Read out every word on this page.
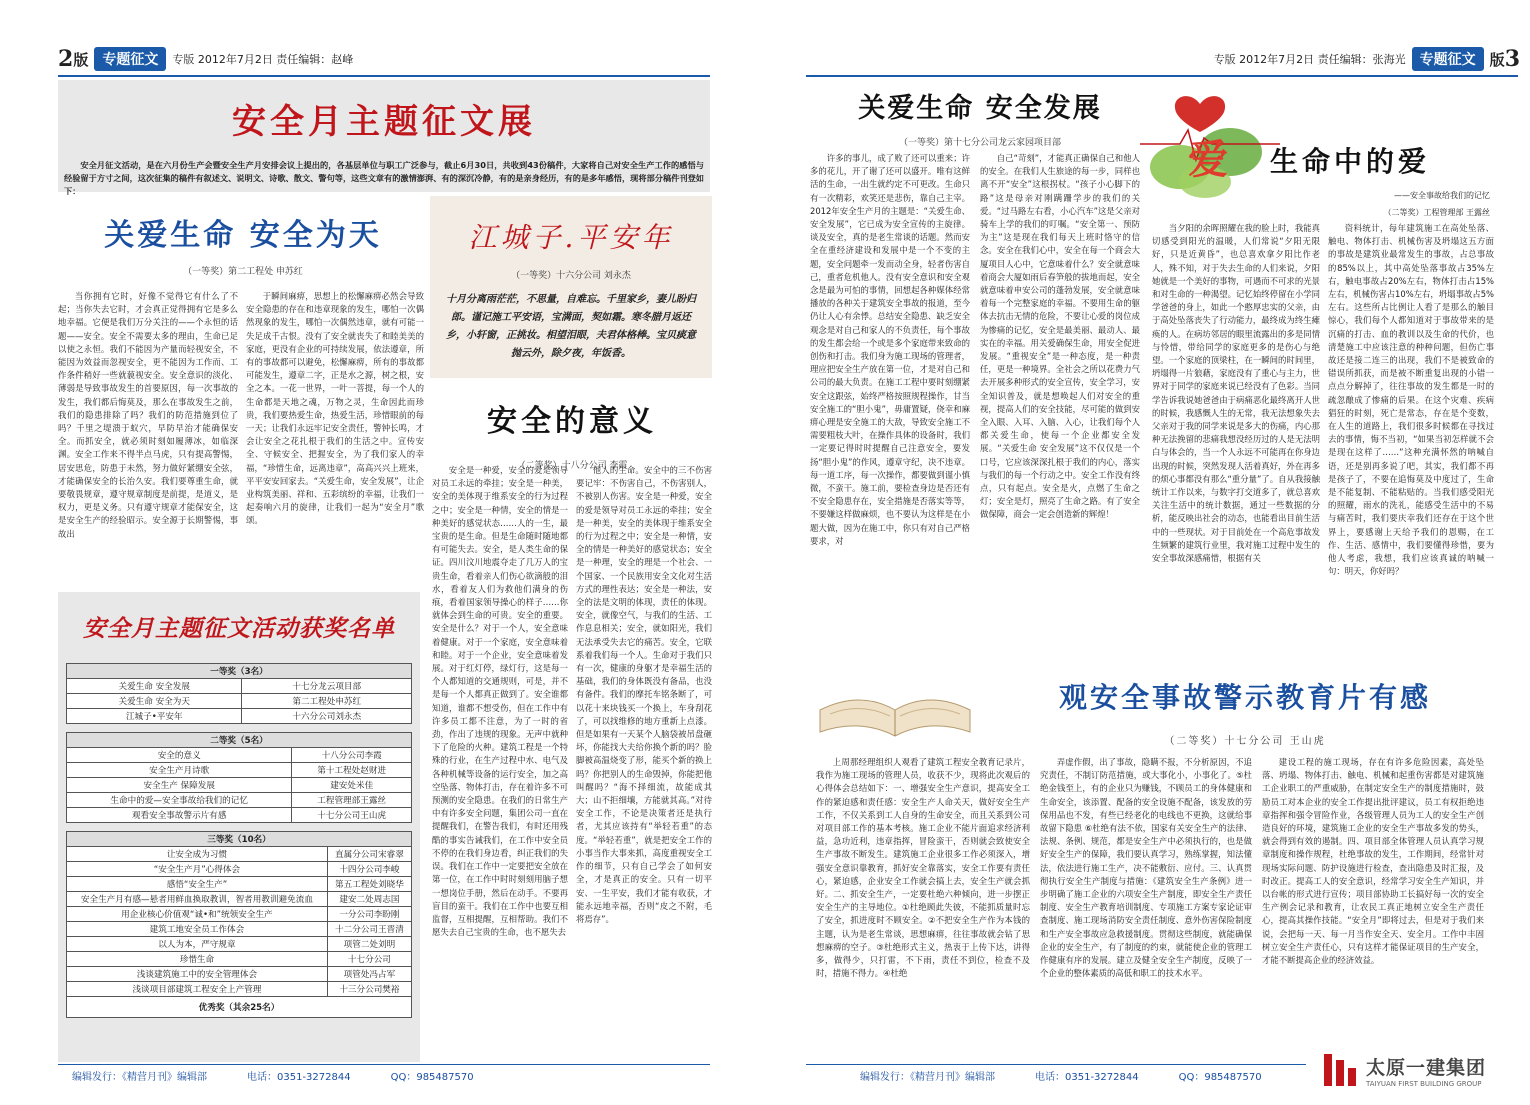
2 版	专题征文	专版 2012年7月2日 责任编辑：赵峰
安全月主题征文展
安全月征文活动，是在六月份生产会暨安全生产月安排会议上提出的，各基层单位与职工广泛参与，截止6月30日，共收到43份稿件，大家将自己对安全生产工作的感悟与经验留于方寸之间，这次征集的稿件有叙述文、说明文、诗歌、散文、警句等，这些文章有的激情澎湃、有的深沉冷静，有的是亲身经历，有的是多年感悟，现将部分稿件刊登如下：
关爱生命 安全为天
（一等奖）第二工程处 申苏红

当你拥有它时，好像不觉得它有什么了不起；当你失去它时，才会真正觉得拥有它是多么地幸福。它便是我们万分关注的——个永恒的话题——安全。安全不需要太多的理由，生命已足以使之永恒。我们不能因为产量而轻视安全，不能因为效益而忽视安全，更不能因为工作而、工作条件稍好一些就藐视安全。安全意识的淡化、薄弱是导致事故发生的首要原因，每一次事故的发生，我们都后悔莫及，那么在事故发生之前，我们的隐患排除了吗？我们的防范措施到位了吗？千里之堤溃于蚁穴，早防早治才能确保安全。而抓安全，就必须时刻如履薄冰，如临深渊。安全工作来不得半点马虎，只有提高警惕，居安思危，防患于未然，努力做好紧绷安全弦，才能确保安全的长治久安。我们要尊重生命，就要敬畏规章，遵守规章制度是前提，是道义，是权力，更是义务。只有遵守规章才能保安全，这是安全生产的经验昭示。安全源于长期警惕，事故出

于瞬间麻痹，思想上的松懈麻痹必然会导致安全隐患的存在和违章现象的发生，哪怕一次偶然现象的发生，哪怕一次偶然违章，就有可能一失足成千古恨。没有了安全就丧失了和睦美美的家庭，更没有企业的可持续发展，依法遵章，所有的事故都可以避免，松懈麻痹，所有的事故都可能发生，遵章二字，正是水之源，树之根，安全之本。一花一世界，一叶一菩提，每一个人的生命都是天地之魂，万物之灵，生命因此而珍贵，我们要热爱生命，热爱生活，珍惜眼前的每一天；让我们永远牢记安全责任，警钟长鸣，才会让安全之花扎根于我们的生活之中。宣传安全、守候安全、把握安全，为了我们家人的幸福，“珍惜生命，远离违章”，高高兴兴上班来，平平安安回家去。“关爱生命，安全发展”，让企业构筑美丽、祥和、五彩缤纷的幸福，让我们一起奏响六月的旋律，让我们一起为“安全月”歌颂。

江城子.平安年
（一等奖）十六分公司 刘永杰
十月分离雨茫茫，不思量，自难忘。千里家乡，妻儿盼归郎。谨记施工平安语，宝满面，契如霜。寒冬腊月返还乡，小轩窗，正挑妆。相望泪眼，夫君体格棒。宝贝痰意抛云外，除夕夜，年饭香。
安全的意义
（二等奖）十八分公司 李霞

安全是一种爱，安全的爱是领导对员工永远的牵挂；安全是一种美，安全的美体现于维系安全的行为过程之中；安全是一种情，安全的情是一种美好的感觉状态……人的一生，最宝贵的是生命。但是生命随时随地都有可能失去。安全，是人类生命的保证。四川汶川地震夺走了几万人的宝贵生命，看着亲人们伤心欲滴般的泪水，看着友人们为救他们满身的伤痕，看着国家领导操心的样子……你就体会到生命的可贵。安全的重要。安全是什么？对于一个人，安全意味着健康。对于一个家庭，安全意味着和睦。对于一个企业，安全意味着发展。对于红灯停，绿灯行，这是每一个人都知道的交通规则，可是，并不是每一个人都真正做到了。安全谁都知道，谁都不想受伤，但在工作中有许多员工都不注意，为了一时的省劲，作出了违规的现象。无声中就种下了危险的火种。建筑工程是一个特殊的行业，在生产过程中水、电气及各种机械等设备的运行安全，加之高空坠落、物体打击，存在着许多不可预测的安全隐患。在我们的日常生产中有许多安全问题，集团公司一直在提醒我们，在警告我们，有时还用残酷的事实告诫我们，在工作中安全员不停的在我们身边看，纠正我们的失误。我们在工作中一定要把安全放在第一位，在工作中时时刻刻用脑子想一想岗位手册，然后在动手。不要再盲目的蛮干。我们在工作中也要互相监督，互相提醒，互相帮助。我们不愿失去自己宝贵的生命，也不愿失去

他人的生命。安全中的三不伤害要记牢：不伤害自己，不伤害别人，不被别人伤害。安全是一种爱，安全的爱是领导对员工永远的牵挂；安全是一种美，安全的美体现于维系安全的行为过程之中；安全是一种情，安全的情是一种美好的感觉状态；安全是一种理，安全的理是一个社会、一个国家、一个民族用安全文化对生活方式的理性表达；安全是一种法，安全的法是文明的体现，责任的体现。安全，就像空气，与我们的生活、工作息息相关；安全，就如阳光，我们无法承受失去它的痛苦。安全，它联系着我们每一个人。生命对于我们只有一次，健康的身躯才是幸福生活的基础，我们的身体既没有备品，也没有备件。我们的摩托车铭条断了，可以花十来块钱买一个换上，车身刮花了，可以找维修的地方重新上点漆。但是如果有一天某个人脑袋被吊盘砸坏，你能找大夫给你换个新的吗？脸脚被高温烧变了形，能买个新的换上吗？你把别人的生命毁掉，你能把他叫醒吗？“海不择细流，故能成其大；山不拒细壤，方能就其高。”对待安全工作，不论是决策者还是执行者，尤其应该持有“举轻若重”的态度。“举轻若重”，就是把安全工作的小事当作大事来抓，高度重视安全工作的细节，只有自己学会了如何安全，才是真正的安全。只有一切平安、一生平安，我们才能有收获，才能永远地幸福，否则“皮之不附，毛将焉存”。

安全月主题征文活动获奖名单
一等奖（3名）	
关爱生命 安全发展	十七分龙云项目部
关爱生命 安全为天	第二工程处申苏红
江城子•平安年	十六分公司刘永杰
二等奖（5名）	
安全的意义	十八分公司李霞
安全生产月诗歌	第十工程处赵财进
安全生产 保障发展	建安处米佳
生命中的爱—安全事故给我们的记忆	工程管理部王露丝
观看安全事故警示片有感	十七分公司王山虎
三等奖（10名）	
让安全成为习惯	直属分公司宋睿翠
“安全生产月”心得体会	十四分公司李峻
感悟“安全生产”	第五工程处刘晓华
安全生产月有感—悬者用鲜血换取教训，智者用教训避免流血	建安二处周志国
用企业核心价值观“诚•和”统领安全生产	一分公司李盼刚
建筑工地安全员工作体会	十二分公司王晋清
以人为本，严守规章	项管二处刘明
珍惜生命	十七分公司
浅谈建筑施工中的安全管理体会	项管处冯占军
浅谈项目部建筑工程安全上产管理	十三分公司樊裕
优秀奖（其余25名）	
编辑发行：《精营月刊》编辑部	电话：0351-3272844	QQ：985487570
专版 2012年7月2日 责任编辑：张海光	专题征文 版 3
关爱生命 安全发展
（一等奖）第十七分公司龙云家园项目部

许多的事儿，成了败了还可以重来；许多的花儿，开了谢了还可以盛开。唯有这鲜活的生命，一出生就约定不可更改。生命只有一次精彩，欢笑还是悲伤，靠自己主宰。2012年安全生产月的主题是：“关爱生命、安全发展”，它已成为安全宣传的主旋律。谈及安全，真的是老生常谈的话题。然而安全在重经济建设和发展中是一个不变的主题，安全问题牵一发而动全身，轻者伤害自己，重者危机他人。没有安全意识和安全观念是最为可怕的事情，回想起各种媒体经常播放的各种关于建筑安全事故的报道，至今仍让人心有余悸。总结安全隐患、缺乏安全观念是对自己和家人的不负责任，每个事故的发生都会给一个或是多个家庭带来致命的创伤和打击。我们身为施工现场的管理者，理应把安全生产放在第一位，才是对自己和公司的最大负责。在施工工程中要时刻绷紧安全这跟弦，始终严格按照规程操作，甘当安全施工的“胆小鬼”，毋庸置疑，侥幸和麻痹心理是安全施工的大敌，导致安全施工不需要粗枝大叶，在操作具体的设备时，我们一定要记得时时提醒自己注意安全，要发扬“胆小鬼”的作风，遵章守纪，决不违章。每一道工序，每一次操作，都要做到谨小慎微，不蛮干。施工前，要检查身边是否还有不安全隐患存在，安全措施是否落实等等，不要嫌这样做麻烦，也不要认为这样是在小题大做，因为在施工中，你只有对自己严格要求，对

自己“苛刻”，才能真正确保自己和他人的安全。在我们人生旅途的每一步，同样也离不开“安全”这根拐杖。“孩子小心脚下的路”这是母亲对刚蹒跚学步的我们的关爱。“过马路左右看，小心汽车”这是父亲对骑车上学的我们的叮嘱。“安全第一、预防为主”这是现在我们每天上班时恪守的信念。安全在我们心中，安全在每一个商会大厦项目人心中，它意味着什么？安全就意味着商会大厦如雨后春笋般的拔地而起，安全就意味着申安公司的蓬勃发展，安全就意味着每一个完整家庭的幸福。不要用生命的躯体去抗击无情的危险，不要让心爱的岗位成为惨痛的记忆，安全是最美丽、最动人、最实在的幸福。用关爱确保生命，用安全促进发展。“重视安全”是一种态度，是一种责任，更是一种境界。全社会之所以花费力气去开展多种形式的安全宣传，安全学习，安全知识普及，就是想唤起人们对安全的重视，提高人们的安全技能，尽可能的做到安全入眼、入耳、入脑、入心，让我们每个人都关爱生命，使每一个企业都安全发展。“关爱生命 安全发展”这不仅仅是一个口号，它应该深深扎根于我们的内心，落实与我们的每一个行动之中。安全工作没有终点，只有起点。安全是火，点燃了生命之灯；安全是灯，照亮了生命之路。有了安全做保障，商会一定会创造新的辉煌！

爱 生命中的爱
——安全事故给我们的记忆
（二等奖）工程管理部 王露丝

当夕阳的余晖照耀在我的脸上时，我能真切感受到阳光的温暖，人们常说“夕阳无限好，只是近黄昏”，也总喜欢拿夕阳比作老人，殊不知，对于失去生命的人们来说，夕阳她就是一个美好的事物，可遇而不可求的光景和对生命的一种渴望。记忆始终停留在小学同学爸爸的身上，如此一个憨厚忠实的父亲，由于高处坠落丧失了行动能力，最终成为终生瘫痪的人。在病坊邻居的眼里流露出的多是同情与怜惜，带给同学的家庭更多的是伤心与绝望。一个家庭的顶梁柱，在一瞬间的时间里，坍塌得一片狼藉，家庭没有了重心与主力，世界对于同学的家庭来说已经没有了色彩。当同学告诉我说她爸爸由于病痛恶化最终离开人世的时候，我感慨人生的无常，我无法想象失去父亲对于我的同学来说是多大的伤痛，内心那种无法挽留的悲痛我想没经历过的人是无法明白与体会的，当一个人永远不可能再在你身边出现的时候，突然发现人活着真好，外在再多的烦心事都没有那么“重分量”了。自从我接触统计工作以来，与数字打交道多了，就总喜欢关注生活中的统计数据，通过一些数据的分析，能反映出社会的动态，也能看出目前生活中的一些现状。对于目前处在一个高危事故发生频繁的建筑行业里，我对施工过程中发生的安全事故深感痛惜，根据有关

资料统计，每年建筑施工在高处坠落、触电、物体打击、机械伤害及坍塌这五方面的事故是建筑业最常发生的事故，占总事故的85%以上，其中高处坠落事故占35%左右，触电事故占20%左右，物体打击占15%左右，机械伤害占10%左右，坍塌事故占5%左右。这些所占比例让人看了是那么的触目惊心，我们每个人都知道对于事故带来的是沉痛的打击、血的教训以及生命的代价，也清楚施工中应该注意的种种问题，但伤亡事故还是接二连三的出现，我们不是被致命的错误所抓获，而是被不断重复出现的小错一点点分解掉了，往往事故的发生都是一时的疏忽酿成了惨痛的后果。在这个灾难、疾病猖狂的时刻，死亡是常态，存在是个变数，在人生的道路上，我们很多时候都在寻找过去的事情，悔不当初，“如果当初怎样就不会是现在这样了……”这种充满怀然的呐喊自语，还是别再多说了吧，其实，我们都不再是孩子了，不要在追悔莫及中度过了，生命是不能复制、不能粘贴的。当我们感受阳光的照耀，雨水的洗礼，能感受生活中的不易与痛苦时，我们要庆幸我们还存在于这个世界上，要感谢上天给予我们的恩赐，在工作、生活、感情中，我们要懂得珍惜，要为他人考虑，我想，我们应该真诚的呐喊一句：明天，你好吗？

观安全事故警示教育片有感
（二等奖）十七分公司 王山虎

上周那经理组织人观看了建筑工程安全教育记录片，我作为施工现场的管理人员，收获不少，现将此次观后的心得体会总结如下：一、增强安全生产意识，提高安全工作的紧迫感和责任感：安全生产人命关天，做好安全生产工作，不仅关系到工人自身的生命安全，而且关系到公司对项目部工作的基本考核。施工企业不能片面追求经济利益，急功近利，违章指挥，冒险蛮干，否则就会致使安全生产事故不断发生。建筑施工企业很多工作必须深入，增强安全意识靠教育，抓好安全靠落实，安全工作要有责任心，紧迫感，企业安全工作就会搞上去，安全生产就会抓好。二、抓安全生产，一定要杜绝六种倾向，进一步摆正安全生产的主导地位。①杜绝顾此失彼，不能抓质量时忘了安全，抓进度时不顾安全。②不把安全生产作为本钱的主题，认为是老生常谈，思想麻痹，往往事故就会钻了思想麻痹的空子。③杜绝形式主义，热衷于上传下达，讲得多，做得少，只打雷，不下雨，责任不到位，检查不及时，措施不得力。④杜绝

弄虚作假，出了事故，隐瞒不报，不分析原因，不追究责任，不制订防范措施，或大事化小，小事化了。⑤杜绝金钱至上，有的企业只为赚钱，不顾员工的身体健康和生命安全，该添置、配备的安全设施不配备，该发放的劳保用品也不发，有些已经老化的电线也不更换，这就给事故留下隐患 ⑥杜绝有法不依，国家有关安全生产的法律、法规、条例、规范，都是安全生产中必须执行的，也是做好安全生产的保障，我们要认真学习，熟练掌握，知法懂法，依法进行施工生产，决不能敷衍、应付。三、认真贯彻执行安全生产制度与措施：《建筑安全生产条例》进一步明确了施工企业的六项安全生产制度，即安全生产责任制度、安全生产教育培训制度、专项施工方案专家论证审查制度、施工现场消防安全责任制度、意外伤害保险制度和生产安全事故应急救援制度。贯彻这些制度，就能确保企业的安全生产，有了制度的约束，就能使企业的管理工作健康有序的发展。建立及健全安全生产制度，反映了一个企业的整体素质的高低和职工的技术水平。

建设工程的施工现场，存在有许多危险因素，高处坠落、坍塌、物体打击、触电、机械和起重伤害都是对建筑施工企业职工的严重威胁，在制定安全生产的制度措施时，鼓励员工对本企业的安全工作提出批评建议，员工有权拒绝违章指挥和强令冒险作业，各级管理人员为工人的安全生产创造良好的环境，建筑施工企业的安全生产事故多发的势头，就会得到有效的遏制。四、项目部全体管理人员认真学习规章制度和操作规程，杜绝事故的发生，工作期间，经常针对现场实际问题、防护设施进行检查，查出隐患及时汇报，及时改正。提高工人的安全意识，经常学习安全生产知识，并以台帐的形式进行宣传；项目部协助工长搞好每一次的安全生产例会记录和教育，让农民工真正地树立安全生产责任心，提高其操作技能。“安全月”即将过去，但是对于我们来说，会把每一天、每一月当作安全天、安全月。工作中丰固树立安全生产责任心，只有这样才能保证项目的生产安全，才能不断提高企业的经济效益。

编辑发行：《精营月刊》编辑部	电话：0351-3272844	QQ：985487570	太原一建集团
TAIYUAN FIRST BUILDING GROUP
